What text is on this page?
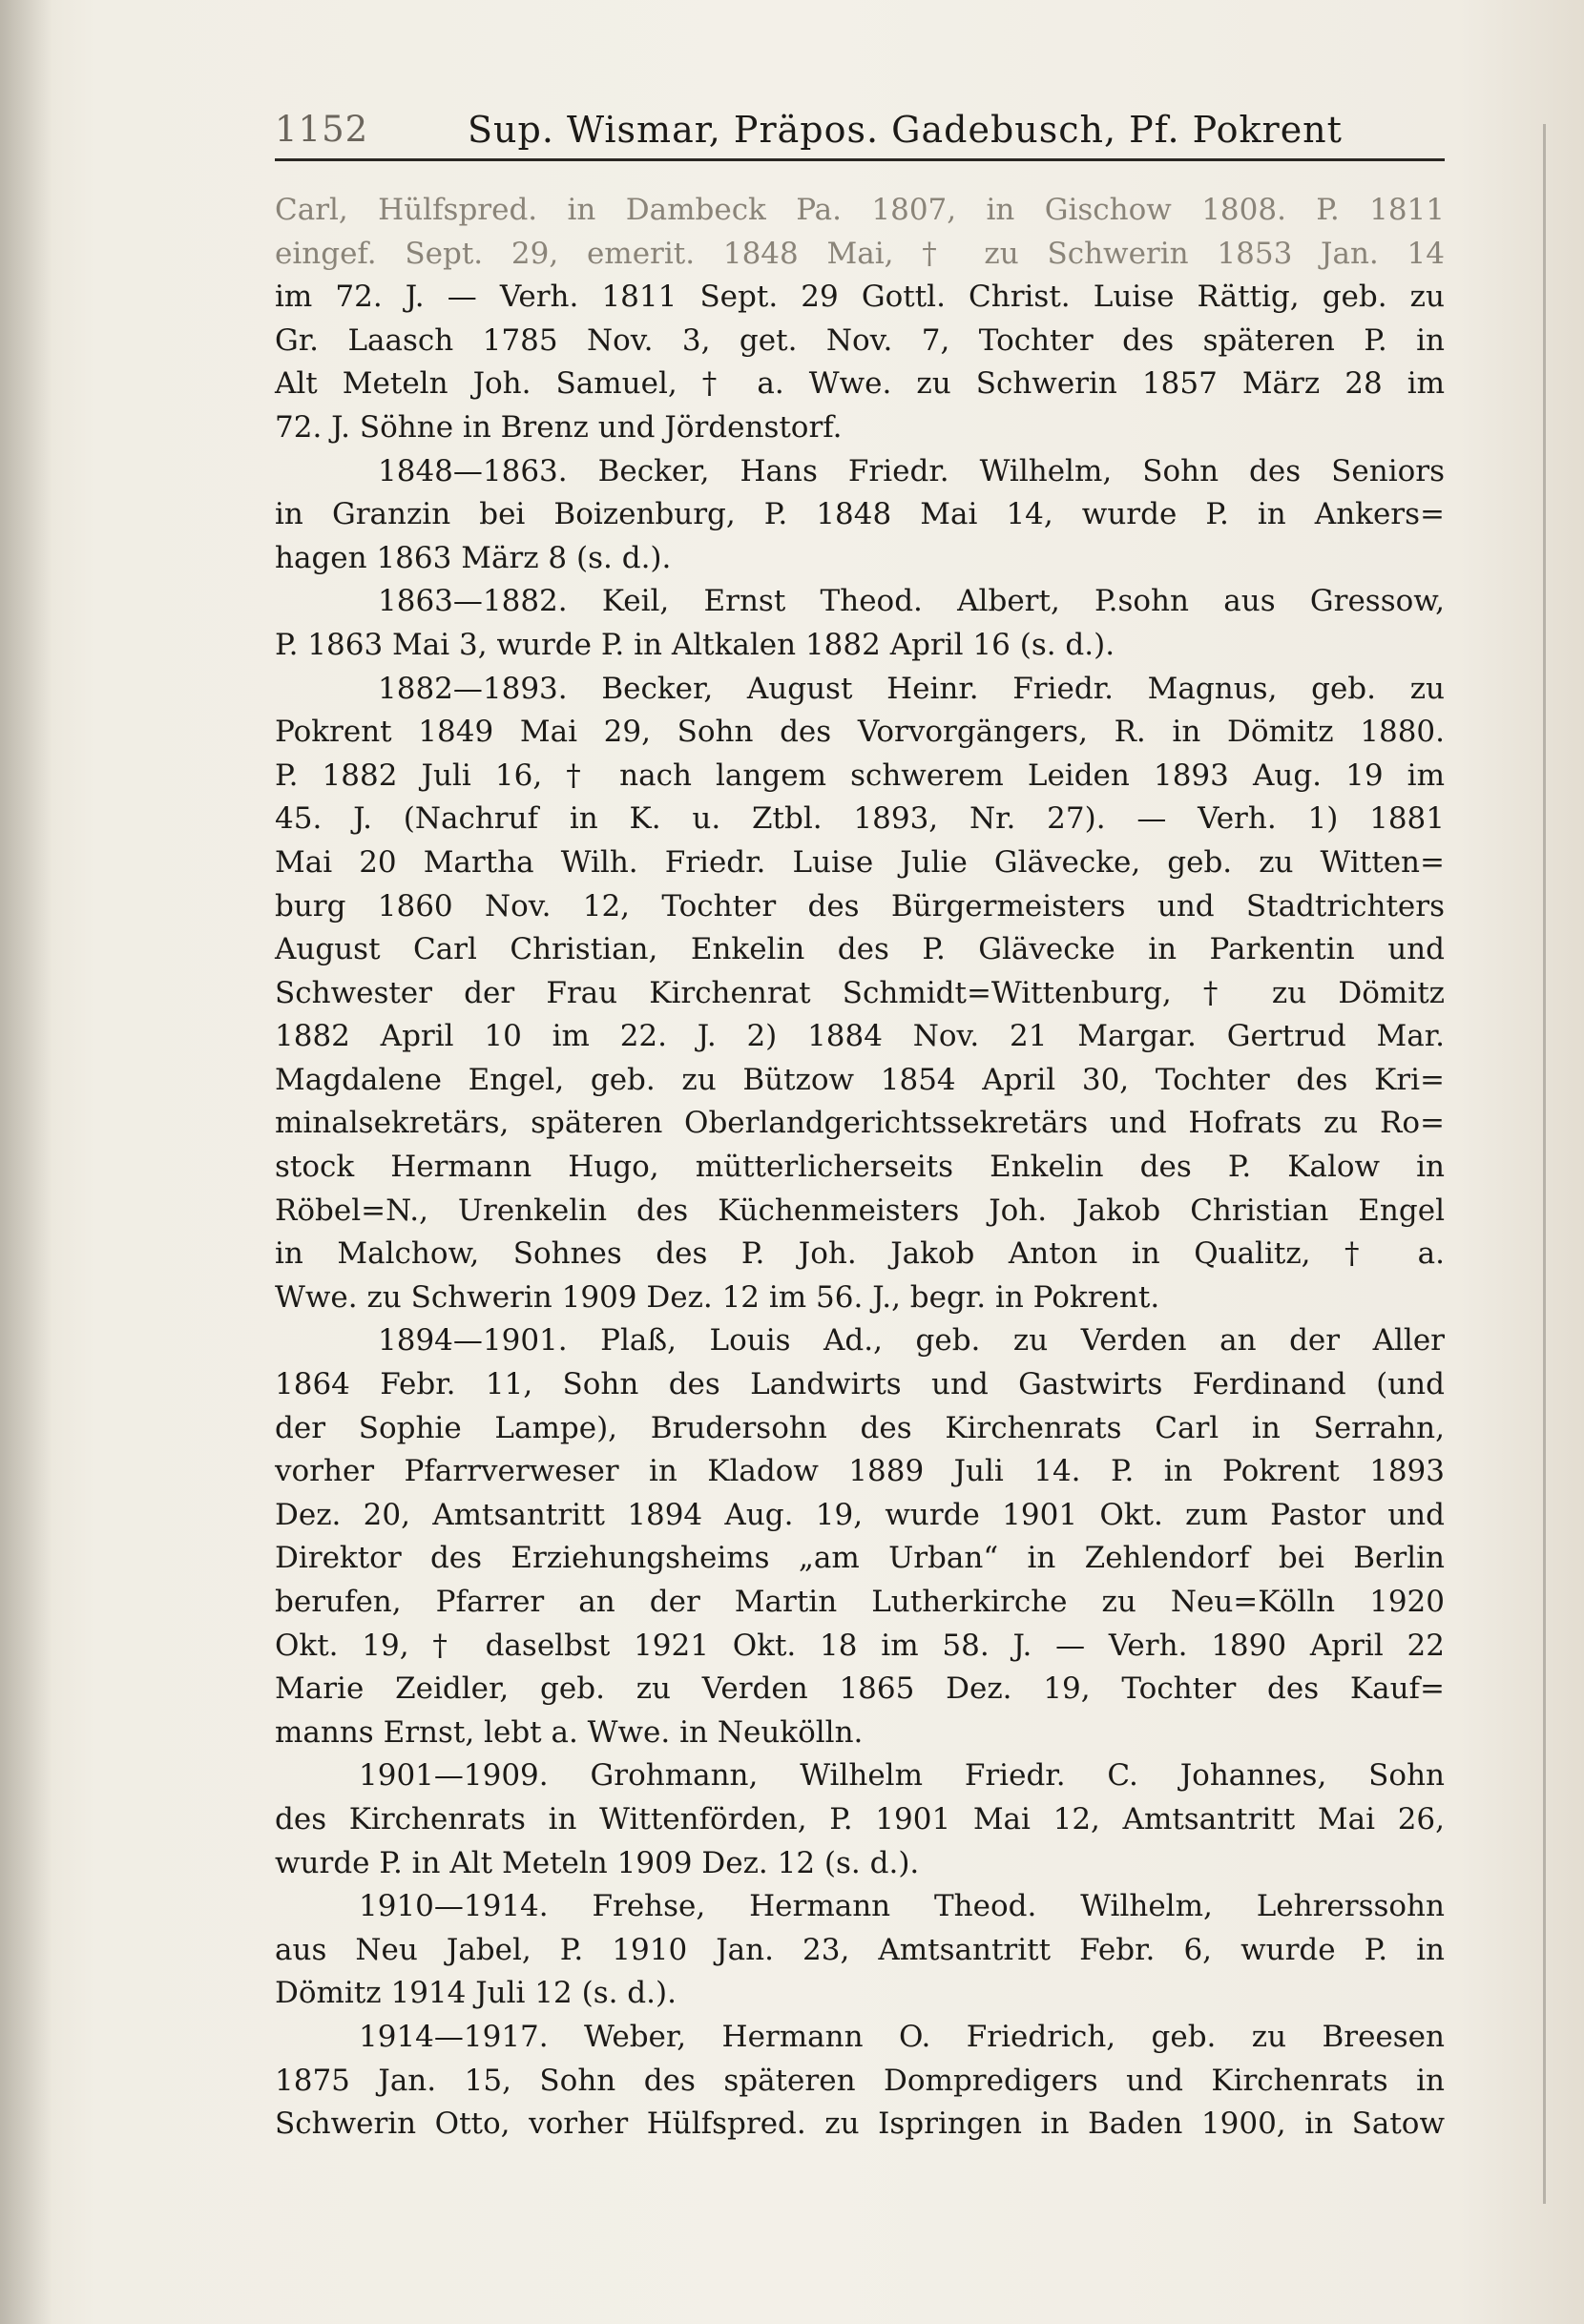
1152	Sup. Wismar, Präpos. Gadebusch, Pf. Pokrent
Carl, Hülfspred. in Dambeck Pa. 1807, in Gischow 1808. P. 1811
eingef. Sept. 29, emerit. 1848 Mai, † zu Schwerin 1853 Jan. 14
im 72. J. — Verh. 1811 Sept. 29 Gottl. Christ. Luise Rättig, geb. zu
Gr. Laasch 1785 Nov. 3, get. Nov. 7, Tochter des späteren P. in
Alt Meteln Joh. Samuel, † a. Wwe. zu Schwerin 1857 März 28 im
72. J. Söhne in Brenz und Jördenstorf.
1848—1863. Becker, Hans Friedr. Wilhelm, Sohn des Seniors
in Granzin bei Boizenburg, P. 1848 Mai 14, wurde P. in Ankers=
hagen 1863 März 8 (s. d.).
1863—1882. Keil, Ernst Theod. Albert, P.sohn aus Gressow,
P. 1863 Mai 3, wurde P. in Altkalen 1882 April 16 (s. d.).
1882—1893. Becker, August Heinr. Friedr. Magnus, geb. zu
Pokrent 1849 Mai 29, Sohn des Vorvorgängers, R. in Dömitz 1880.
P. 1882 Juli 16, † nach langem schwerem Leiden 1893 Aug. 19 im
45. J. (Nachruf in K. u. Ztbl. 1893, Nr. 27). — Verh. 1) 1881
Mai 20 Martha Wilh. Friedr. Luise Julie Glävecke, geb. zu Witten=
burg 1860 Nov. 12, Tochter des Bürgermeisters und Stadtrichters
August Carl Christian, Enkelin des P. Glävecke in Parkentin und
Schwester der Frau Kirchenrat Schmidt=Wittenburg, † zu Dömitz
1882 April 10 im 22. J. 2) 1884 Nov. 21 Margar. Gertrud Mar.
Magdalene Engel, geb. zu Bützow 1854 April 30, Tochter des Kri=
minalsekretärs, späteren Oberlandgerichtssekretärs und Hofrats zu Ro=
stock Hermann Hugo, mütterlicherseits Enkelin des P. Kalow in
Röbel=N., Urenkelin des Küchenmeisters Joh. Jakob Christian Engel
in Malchow, Sohnes des P. Joh. Jakob Anton in Qualitz, † a.
Wwe. zu Schwerin 1909 Dez. 12 im 56. J., begr. in Pokrent.
1894—1901. Plaß, Louis Ad., geb. zu Verden an der Aller
1864 Febr. 11, Sohn des Landwirts und Gastwirts Ferdinand (und
der Sophie Lampe), Brudersohn des Kirchenrats Carl in Serrahn,
vorher Pfarrverweser in Kladow 1889 Juli 14. P. in Pokrent 1893
Dez. 20, Amtsantritt 1894 Aug. 19, wurde 1901 Okt. zum Pastor und
Direktor des Erziehungsheims „am Urban“ in Zehlendorf bei Berlin
berufen, Pfarrer an der Martin Lutherkirche zu Neu=Kölln 1920
Okt. 19, † daselbst 1921 Okt. 18 im 58. J. — Verh. 1890 April 22
Marie Zeidler, geb. zu Verden 1865 Dez. 19, Tochter des Kauf=
manns Ernst, lebt a. Wwe. in Neukölln.
1901—1909. Grohmann, Wilhelm Friedr. C. Johannes, Sohn
des Kirchenrats in Wittenförden, P. 1901 Mai 12, Amtsantritt Mai 26,
wurde P. in Alt Meteln 1909 Dez. 12 (s. d.).
1910—1914. Frehse, Hermann Theod. Wilhelm, Lehrerssohn
aus Neu Jabel, P. 1910 Jan. 23, Amtsantritt Febr. 6, wurde P. in
Dömitz 1914 Juli 12 (s. d.).
1914—1917. Weber, Hermann O. Friedrich, geb. zu Breesen
1875 Jan. 15, Sohn des späteren Dompredigers und Kirchenrats in
Schwerin Otto, vorher Hülfspred. zu Ispringen in Baden 1900, in Satow
